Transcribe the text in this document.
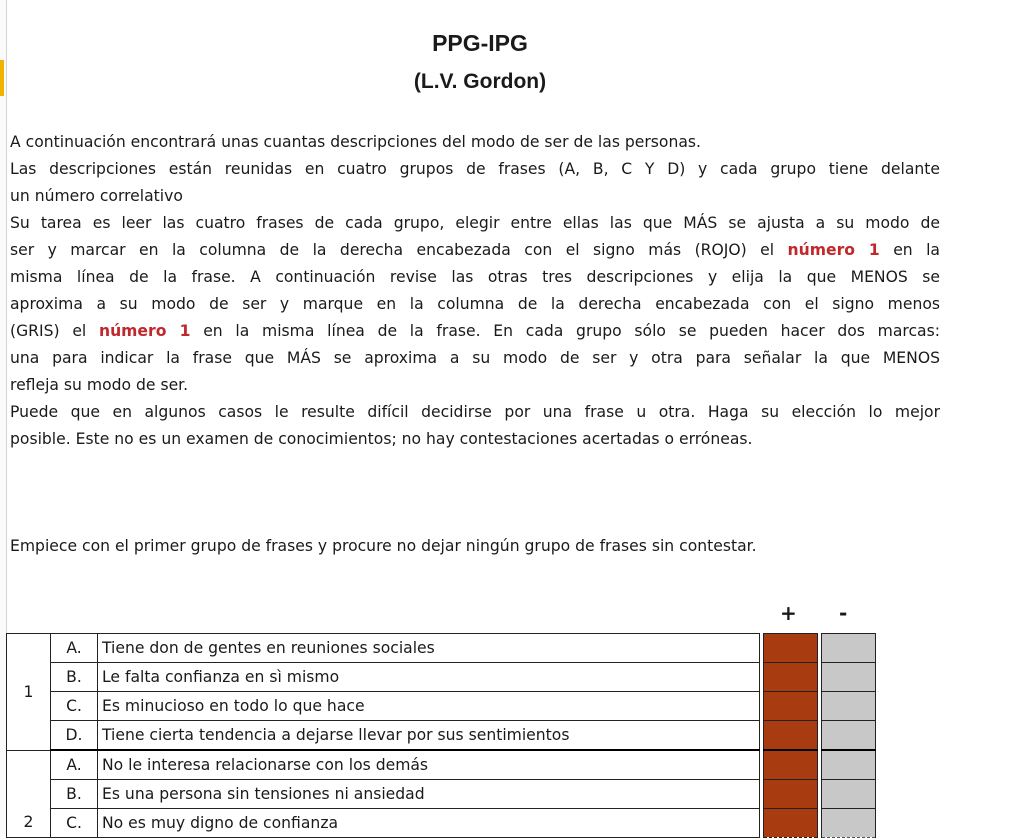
PPG-IPG
(L.V. Gordon)
A continuación encontrará unas cuantas descripciones del modo de ser de las personas.
Las descripciones están reunidas en cuatro grupos de frases (A, B, C Y D) y cada grupo tiene delante
un número correlativo
Su tarea es leer las cuatro frases de cada grupo, elegir entre ellas las que MÁS se ajusta a su modo de
ser y marcar en la columna de la derecha encabezada con el signo más (ROJO) el número 1 en la
misma línea de la frase. A continuación revise las otras tres descripciones y elija la que MENOS se
aproxima a su modo de ser y marque en la columna de la derecha encabezada con el signo menos
(GRIS) el número 1 en la misma línea de la frase. En cada grupo sólo se pueden hacer dos marcas:
una para indicar la frase que MÁS se aproxima a su modo de ser y otra para señalar la que MENOS
refleja su modo de ser.
Puede que en algunos casos le resulte difícil decidirse por una frase u otra. Haga su elección lo mejor
posible. Este no es un examen de conocimientos; no hay contestaciones acertadas o erróneas.
Empiece con el primer grupo de frases y procure no dejar ningún grupo de frases sin contestar.
+ -
1	A.	Tiene don de gentes en reuniones sociales				
	B.	Le falta confianza en sì mismo				
	C.	Es minucioso en todo lo que hace				
	D.	Tiene cierta tendencia a dejarse llevar por sus sentimientos				
2	A.	No le interesa relacionarse con los demás				
	B.	Es una persona sin tensiones ni ansiedad				
	C.	No es muy digno de confianza				
